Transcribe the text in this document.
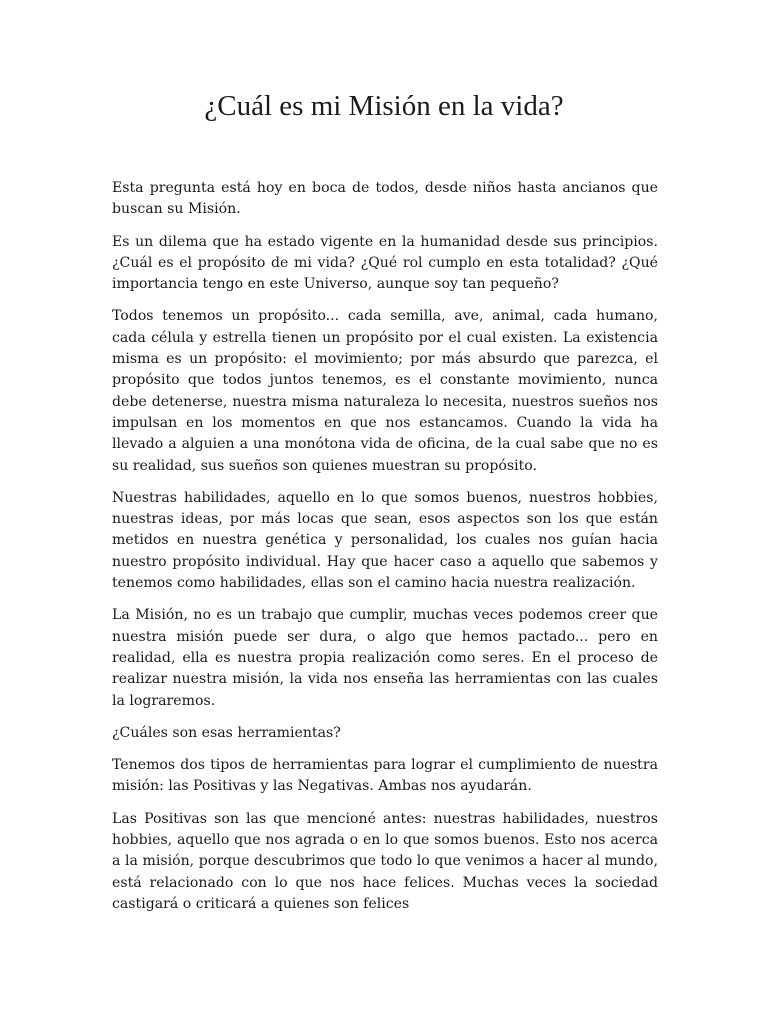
¿Cuál es mi Misión en la vida?

Esta pregunta está hoy en boca de todos, desde niños hasta ancianos que buscan su Misión.

Es un dilema que ha estado vigente en la humanidad desde sus principios. ¿Cuál es el propósito de mi vida? ¿Qué rol cumplo en esta totalidad? ¿Qué importancia tengo en este Universo, aunque soy tan pequeño?

Todos tenemos un propósito... cada semilla, ave, animal, cada humano, cada célula y estrella tienen un propósito por el cual existen. La existencia misma es un propósito: el movimiento; por más absurdo que parezca, el propósito que todos juntos tenemos, es el constante movimiento, nunca debe detenerse, nuestra misma naturaleza lo necesita, nuestros sueños nos impulsan en los momentos en que nos estancamos. Cuando la vida ha llevado a alguien a una monótona vida de oficina, de la cual sabe que no es su realidad, sus sueños son quienes muestran su propósito.

Nuestras habilidades, aquello en lo que somos buenos, nuestros hobbies, nuestras ideas, por más locas que sean, esos aspectos son los que están metidos en nuestra genética y personalidad, los cuales nos guían hacia nuestro propósito individual. Hay que hacer caso a aquello que sabemos y tenemos como habilidades, ellas son el camino hacia nuestra realización.

La Misión, no es un trabajo que cumplir, muchas veces podemos creer que nuestra misión puede ser dura, o algo que hemos pactado... pero en realidad, ella es nuestra propia realización como seres. En el proceso de realizar nuestra misión, la vida nos enseña las herramientas con las cuales la lograremos.

¿Cuáles son esas herramientas?

Tenemos dos tipos de herramientas para lograr el cumplimiento de nuestra misión: las Positivas y las Negativas. Ambas nos ayudarán.

Las Positivas son las que mencioné antes: nuestras habilidades, nuestros hobbies, aquello que nos agrada o en lo que somos buenos. Esto nos acerca a la misión, porque descubrimos que todo lo que venimos a hacer al mundo, está relacionado con lo que nos hace felices. Muchas veces la sociedad castigará o criticará a quienes son felices
